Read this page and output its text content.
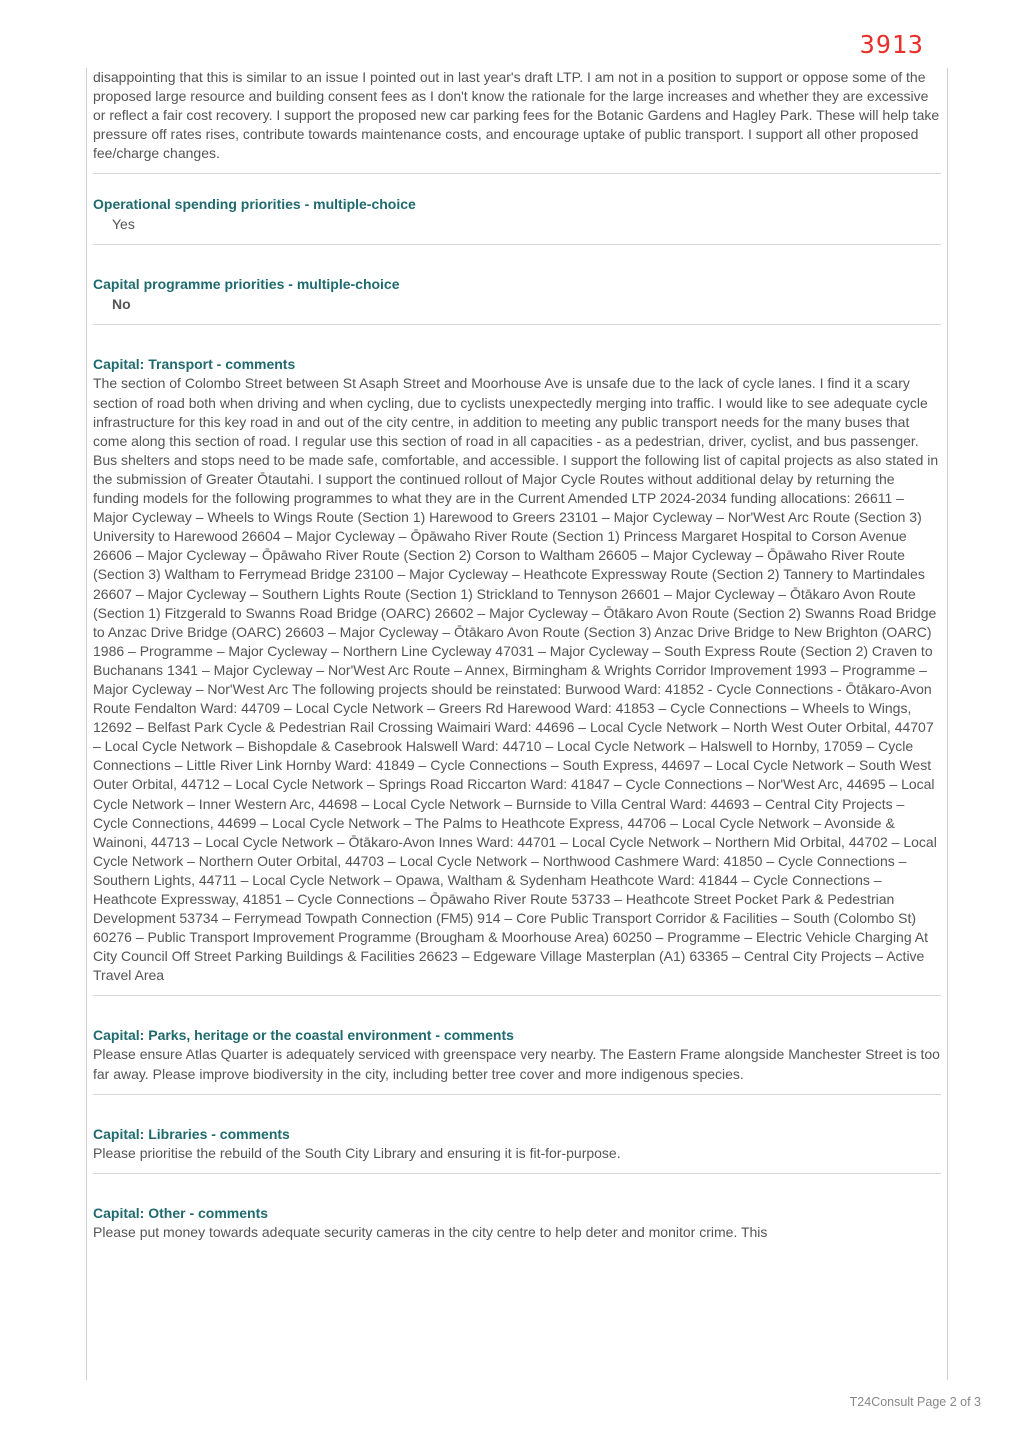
3913

disappointing that this is similar to an issue I pointed out in last year's draft LTP. I am not in a position to support or oppose some of the proposed large resource and building consent fees as I don't know the rationale for the large increases and whether they are excessive or reflect a fair cost recovery. I support the proposed new car parking fees for the Botanic Gardens and Hagley Park. These will help take pressure off rates rises, contribute towards maintenance costs, and encourage uptake of public transport. I support all other proposed fee/charge changes.

Operational spending priorities - multiple-choice
Yes
Capital programme priorities - multiple-choice
No
Capital: Transport - comments

The section of Colombo Street between St Asaph Street and Moorhouse Ave is unsafe due to the lack of cycle lanes. I find it a scary section of road both when driving and when cycling, due to cyclists unexpectedly merging into traffic. I would like to see adequate cycle infrastructure for this key road in and out of the city centre, in addition to meeting any public transport needs for the many buses that come along this section of road. I regular use this section of road in all capacities - as a pedestrian, driver, cyclist, and bus passenger. Bus shelters and stops need to be made safe, comfortable, and accessible. I support the following list of capital projects as also stated in the submission of Greater Ōtautahi. I support the continued rollout of Major Cycle Routes without additional delay by returning the funding models for the following programmes to what they are in the Current Amended LTP 2024-2034 funding allocations: 26611 – Major Cycleway – Wheels to Wings Route (Section 1) Harewood to Greers 23101 – Major Cycleway – Nor'West Arc Route (Section 3) University to Harewood 26604 – Major Cycleway – Ōpāwaho River Route (Section 1) Princess Margaret Hospital to Corson Avenue 26606 – Major Cycleway – Ōpāwaho River Route (Section 2) Corson to Waltham 26605 – Major Cycleway – Ōpāwaho River Route (Section 3) Waltham to Ferrymead Bridge 23100 – Major Cycleway – Heathcote Expressway Route (Section 2) Tannery to Martindales 26607 – Major Cycleway – Southern Lights Route (Section 1) Strickland to Tennyson 26601 – Major Cycleway – Ōtākaro Avon Route (Section 1) Fitzgerald to Swanns Road Bridge (OARC) 26602 – Major Cycleway – Ōtākaro Avon Route (Section 2) Swanns Road Bridge to Anzac Drive Bridge (OARC) 26603 – Major Cycleway – Ōtākaro Avon Route (Section 3) Anzac Drive Bridge to New Brighton (OARC) 1986 – Programme – Major Cycleway – Northern Line Cycleway 47031 – Major Cycleway – South Express Route (Section 2) Craven to Buchanans 1341 – Major Cycleway – Nor'West Arc Route – Annex, Birmingham & Wrights Corridor Improvement 1993 – Programme – Major Cycleway – Nor'West Arc The following projects should be reinstated: Burwood Ward: 41852 - Cycle Connections - Ōtākaro-Avon Route Fendalton Ward: 44709 – Local Cycle Network – Greers Rd Harewood Ward: 41853 – Cycle Connections – Wheels to Wings, 12692 – Belfast Park Cycle & Pedestrian Rail Crossing Waimairi Ward: 44696 – Local Cycle Network – North West Outer Orbital, 44707 – Local Cycle Network – Bishopdale & Casebrook Halswell Ward: 44710 – Local Cycle Network – Halswell to Hornby, 17059 – Cycle Connections – Little River Link Hornby Ward: 41849 – Cycle Connections – South Express, 44697 – Local Cycle Network – South West Outer Orbital, 44712 – Local Cycle Network – Springs Road Riccarton Ward: 41847 – Cycle Connections – Nor'West Arc, 44695 – Local Cycle Network – Inner Western Arc, 44698 – Local Cycle Network – Burnside to Villa Central Ward: 44693 – Central City Projects – Cycle Connections, 44699 – Local Cycle Network – The Palms to Heathcote Express, 44706 – Local Cycle Network – Avonside & Wainoni, 44713 – Local Cycle Network – Ōtākaro-Avon Innes Ward: 44701 – Local Cycle Network – Northern Mid Orbital, 44702 – Local Cycle Network – Northern Outer Orbital, 44703 – Local Cycle Network – Northwood Cashmere Ward: 41850 – Cycle Connections – Southern Lights, 44711 – Local Cycle Network – Opawa, Waltham & Sydenham Heathcote Ward: 41844 – Cycle Connections – Heathcote Expressway, 41851 – Cycle Connections – Ōpāwaho River Route 53733 – Heathcote Street Pocket Park & Pedestrian Development 53734 – Ferrymead Towpath Connection (FM5) 914 – Core Public Transport Corridor & Facilities – South (Colombo St) 60276 – Public Transport Improvement Programme (Brougham & Moorhouse Area) 60250 – Programme – Electric Vehicle Charging At City Council Off Street Parking Buildings & Facilities 26623 – Edgeware Village Masterplan (A1) 63365 – Central City Projects – Active Travel Area

Capital: Parks, heritage or the coastal environment - comments

Please ensure Atlas Quarter is adequately serviced with greenspace very nearby. The Eastern Frame alongside Manchester Street is too far away. Please improve biodiversity in the city, including better tree cover and more indigenous species.

Capital: Libraries - comments

Please prioritise the rebuild of the South City Library and ensuring it is fit-for-purpose.

Capital: Other - comments

Please put money towards adequate security cameras in the city centre to help deter and monitor crime. This

T24Consult Page 2 of 3
